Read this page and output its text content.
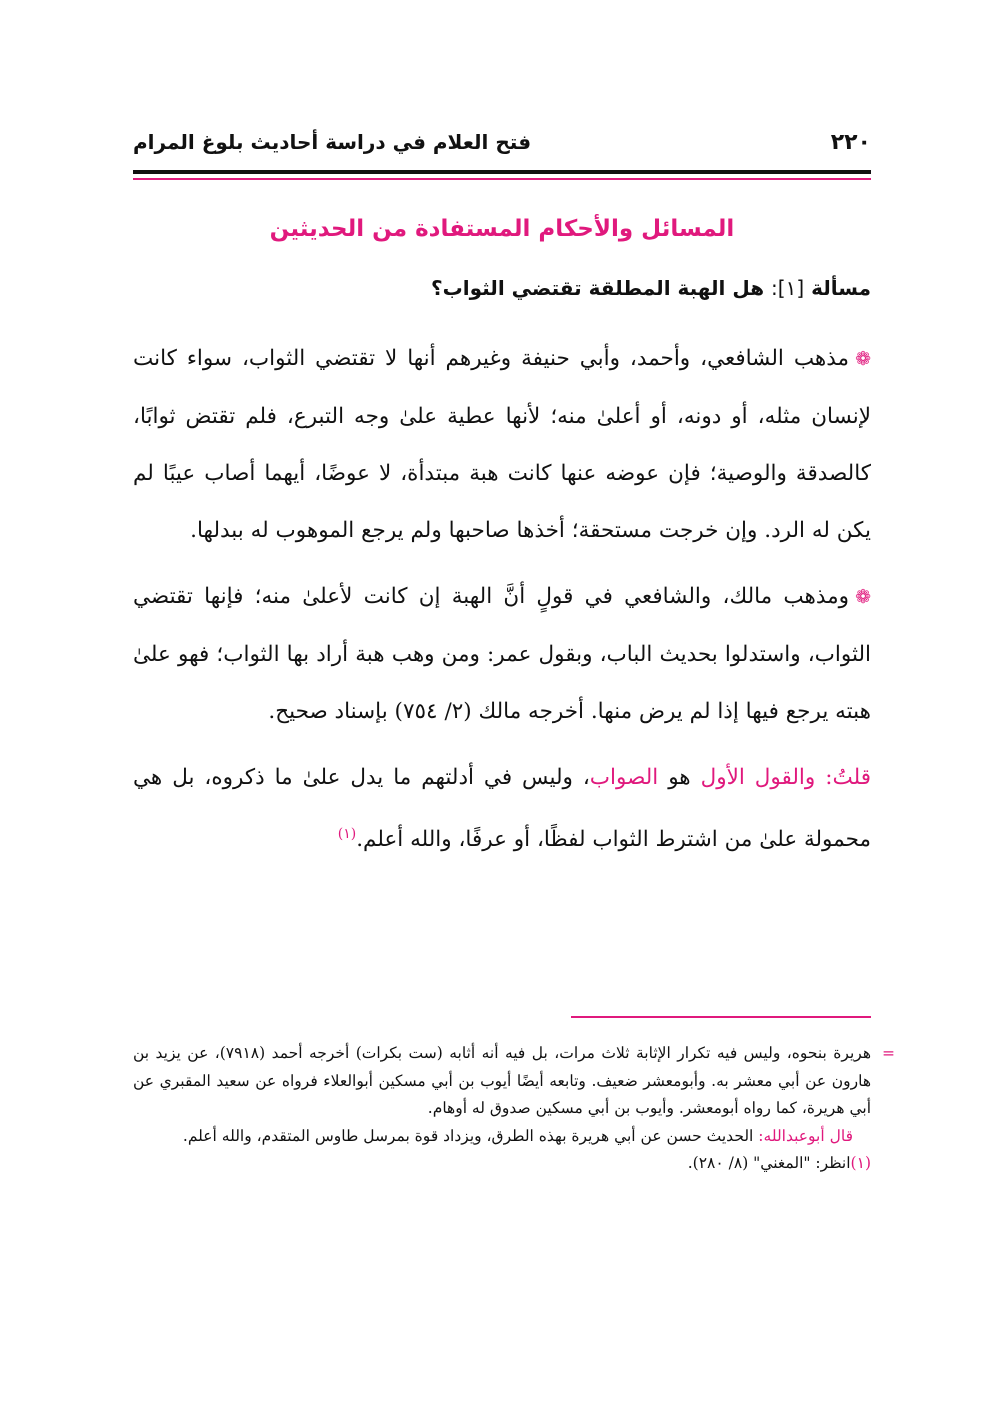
٢٢٠
فتح العلام في دراسة أحاديث بلوغ المرام
المسائل والأحكام المستفادة من الحديثين
مسألة [١]: هل الهبة المطلقة تقتضي الثواب؟

❁مذهب الشافعي، وأحمد، وأبي حنيفة وغيرهم أنها لا تقتضي الثواب، سواء كانت لإنسان مثله، أو دونه، أو أعلىٰ منه؛ لأنها عطية علىٰ وجه التبرع، فلم تقتض ثوابًا، كالصدقة والوصية؛ فإن عوضه عنها كانت هبة مبتدأة، لا عوضًا، أيهما أصاب عيبًا لم يكن له الرد. وإن خرجت مستحقة؛ أخذها صاحبها ولم يرجع الموهوب له ببدلها.

❁ومذهب مالك، والشافعي في قولٍ أنَّ الهبة إن كانت لأعلىٰ منه؛ فإنها تقتضي الثواب، واستدلوا بحديث الباب، وبقول عمر: ومن وهب هبة أراد بها الثواب؛ فهو علىٰ هبته يرجع فيها إذا لم يرض منها. أخرجه مالك (٢/ ٧٥٤) بإسناد صحيح.

قلتُ: والقول الأول هو الصواب، وليس في أدلتهم ما يدل علىٰ ما ذكروه، بل هي محمولة علىٰ من اشترط الثواب لفظًا، أو عرفًا، والله أعلم.$^{(١)}$

=
هريرة بنحوه، وليس فيه تكرار الإثابة ثلاث مرات، بل فيه أنه أثابه (ست بكرات) أخرجه أحمد (٧٩١٨)، عن يزيد بن هارون عن أبي معشر به. وأبومعشر ضعيف. وتابعه أيضًا أيوب بن أبي مسكين أبوالعلاء فرواه عن سعيد المقبري عن أبي هريرة، كما رواه أبومعشر. وأيوب بن أبي مسكين صدوق له أوهام.

قال أبوعبدالله: الحديث حسن عن أبي هريرة بهذه الطرق، ويزداد قوة بمرسل طاوس المتقدم، والله أعلم.

(١)انظر: "المغني" (٨/ ٢٨٠).
